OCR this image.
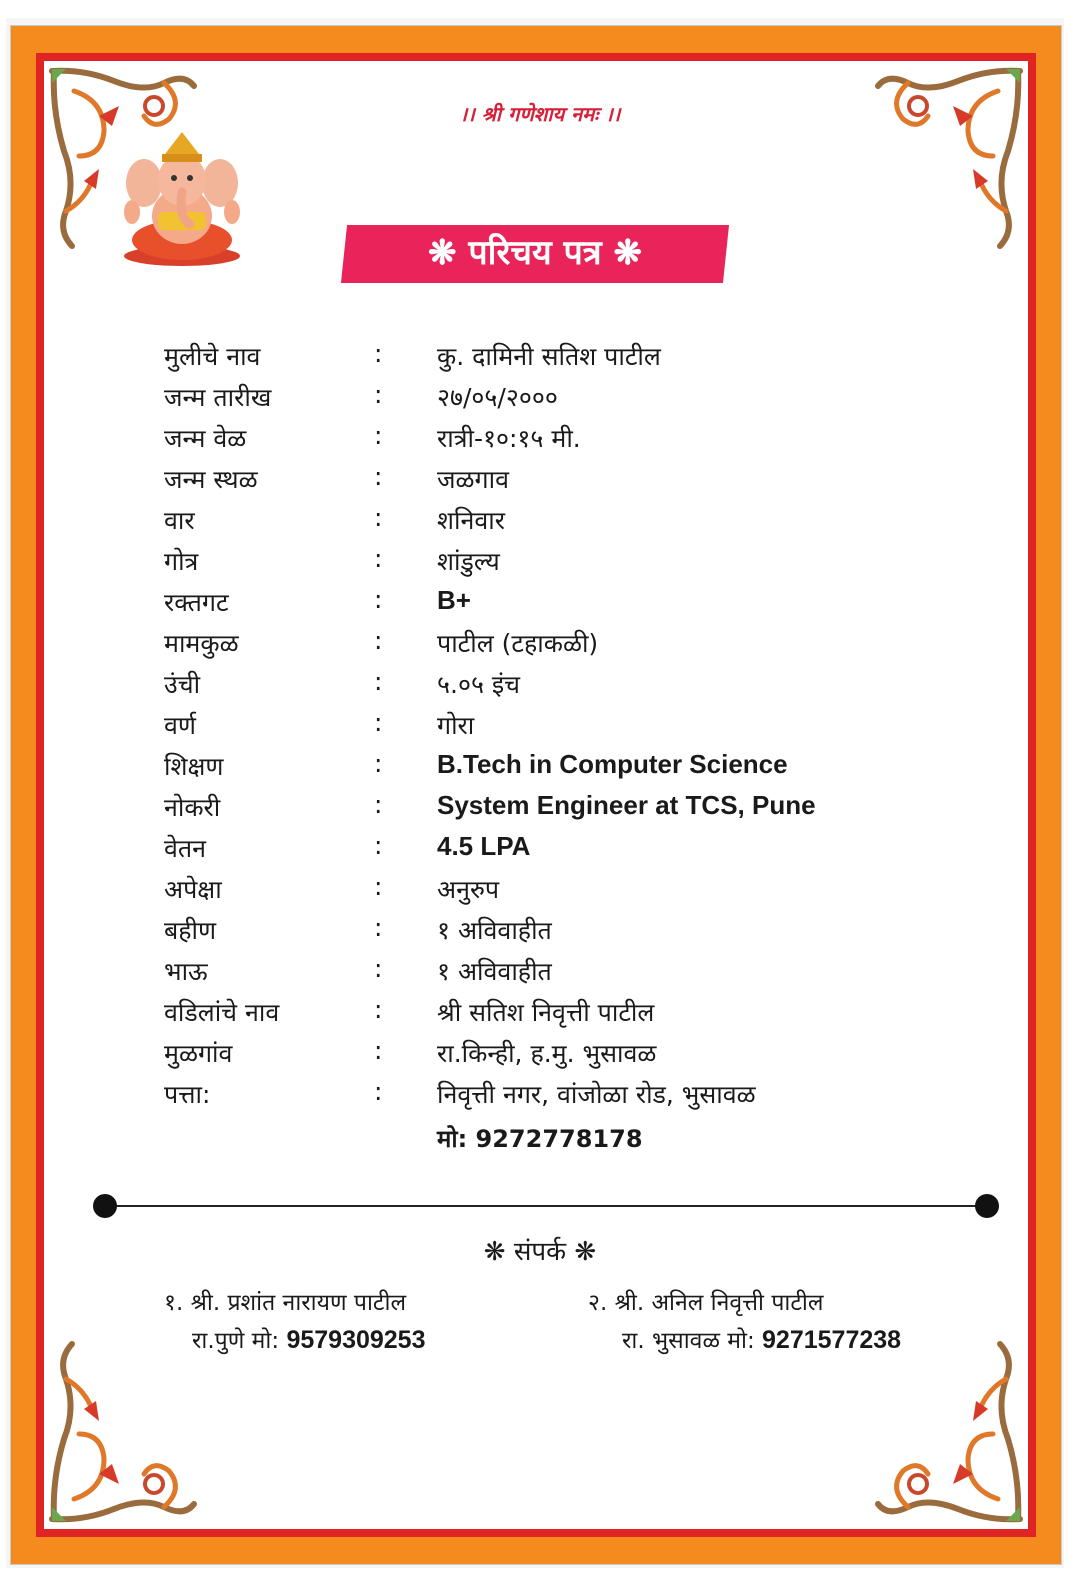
।। श्री गणेशाय नमः ।।
❋ परिचय पत्र ❋
मुलीचे नाव	: कु. दामिनी सतिश पाटील
जन्म तारीख	: २७/०५/२०००
जन्म वेळ	: रात्री-१०:१५ मी.
जन्म स्थळ	: जळगाव
वार	: शनिवार
गोत्र	: शांडुल्य
रक्तगट	: B+
मामकुळ	: पाटील (टहाकळी)
उंची	: ५.०५ इंच
वर्ण	: गोरा
शिक्षण	: B.Tech in Computer Science
नोकरी	: System Engineer at TCS, Pune
वेतन	: 4.5 LPA
अपेक्षा	: अनुरुप
बहीण	: १ अविवाहीत
भाऊ	: १ अविवाहीत
वडिलांचे नाव	: श्री सतिश निवृत्ती पाटील
मुळगांव	: रा.किन्ही, ह.मु. भुसावळ
पत्ता:	: निवृत्ती नगर, वांजोळा रोड, भुसावळ
मो: 9272778178
❋ संपर्क ❋
१. श्री. प्रशांत नारायण पाटील
रा.पुणे मो: 9579309253
२. श्री. अनिल निवृत्ती पाटील
रा. भुसावळ मो: 9271577238
